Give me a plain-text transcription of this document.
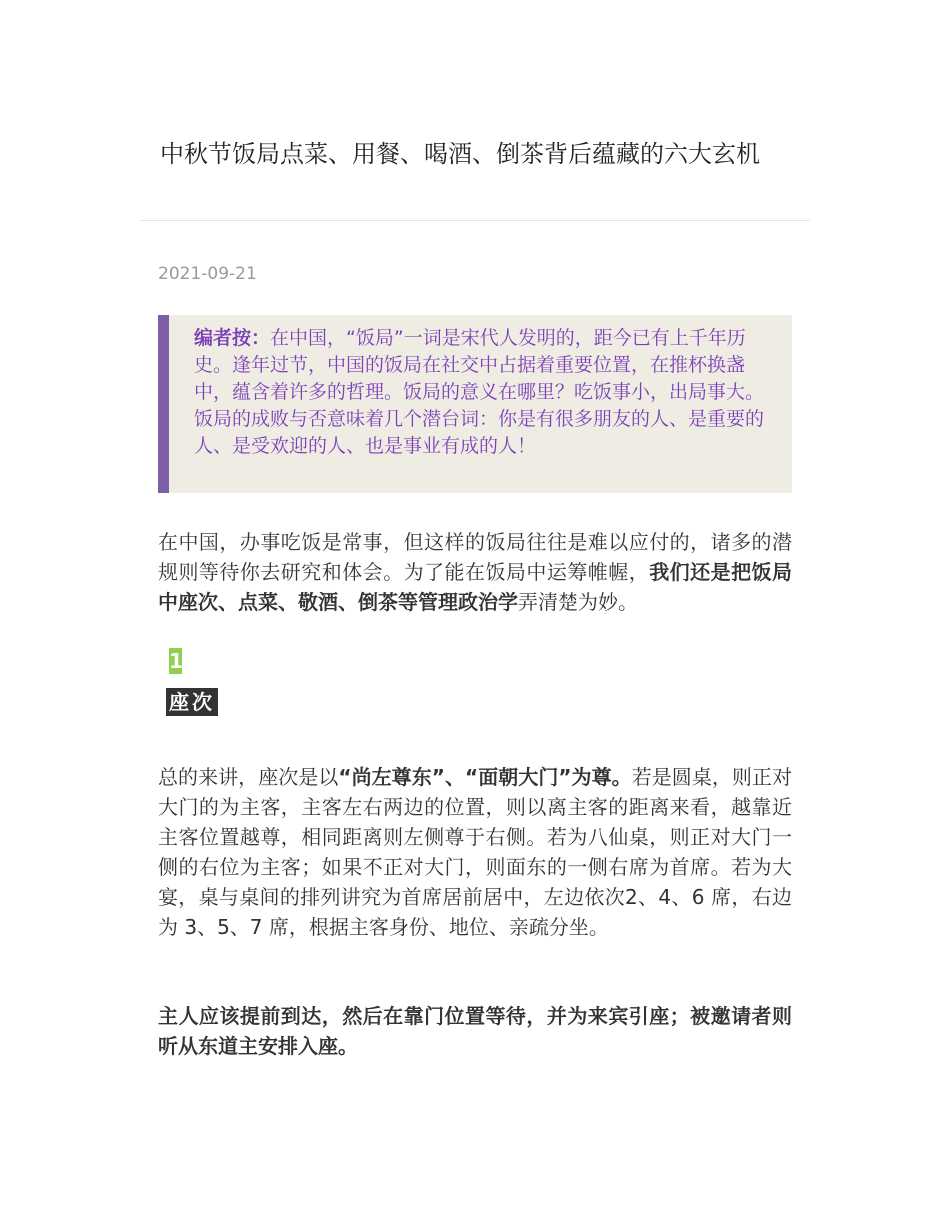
中秋节饭局点菜、用餐、喝酒、倒茶背后蕴藏的六大玄机
2021-09-21
编者按：在中国，“饭局”一词是宋代人发明的，距今已有上千年历史。逢年过节，中国的饭局在社交中占据着重要位置，在推杯换盏中，蕴含着许多的哲理。饭局的意义在哪里？吃饭事小，出局事大。饭局的成败与否意味着几个潜台词：你是有很多朋友的人、是重要的人、是受欢迎的人、也是事业有成的人！

在中国，办事吃饭是常事，但这样的饭局往往是难以应付的，诸多的潜规则等待你去研究和体会。为了能在饭局中运筹帷幄，我们还是把饭局中座次、点菜、敬酒、倒茶等管理政治学弄清楚为妙。

1
座次

总的来讲，座次是以“尚左尊东”、“面朝大门”为尊。若是圆桌，则正对大门的为主客，主客左右两边的位置，则以离主客的距离来看，越靠近主客位置越尊，相同距离则左侧尊于右侧。若为八仙桌，则正对大门一侧的右位为主客；如果不正对大门，则面东的一侧右席为首席。若为大宴，桌与桌间的排列讲究为首席居前居中，左边依次2、4、6 席，右边为 3、5、7 席，根据主客身份、地位、亲疏分坐。

主人应该提前到达，然后在靠门位置等待，并为来宾引座；被邀请者则听从东道主安排入座。
